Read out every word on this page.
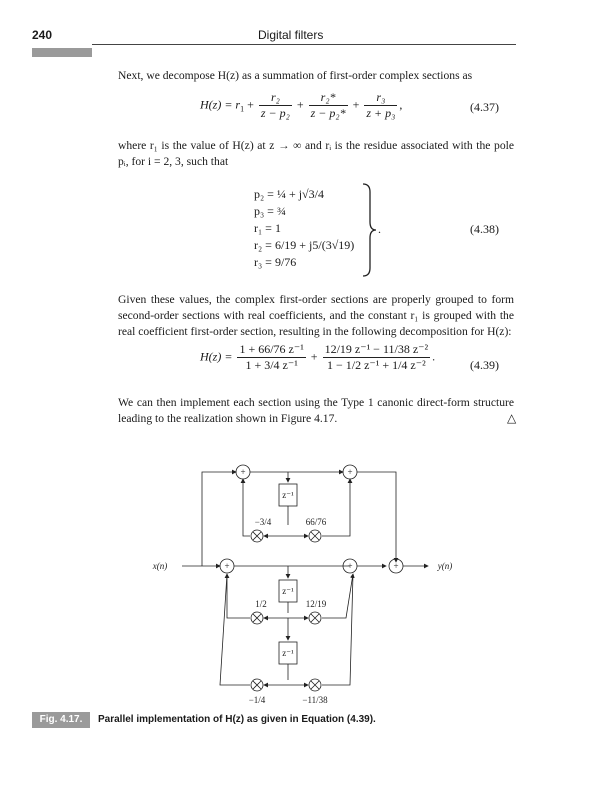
240	Digital filters
Next, we decompose H(z) as a summation of first-order complex sections as
$H(z) = r_1 + \frac{\text{r₂}}{\text{z − p₂}} + \frac{\text{r₂*}}{\text{z − p₂*}} + \frac{\text{r₃}}{\text{z + p₃}}$ ,	(4.37)
where r₁ is the value of H(z) at z → ∞ and rᵢ is the residue associated with the pole
pᵢ, for i = 2, 3, such that
p₂ = ¼ + j√3/4
p₃ = ¾
r₁ = 1
r₂ = 6/19 + j5/(3√19)
r₃ = 9/76
.	(4.38)
Given these values, the complex first-order sections are properly grouped to form
second-order sections with real coefficients, and the constant r₁ is grouped with the
real coefficient first-order section, resulting in the following decomposition for H(z):
$H(z) = \frac{\text{1 + 66/76 z⁻¹}}{\text{1 + 3/4 z⁻¹}} + \frac{\text{12/19 z⁻¹ − 11/38 z⁻²}}{\text{1 − 1/2 z⁻¹ + 1/4 z⁻²}}$ .
(4.39)
We can then implement each section using the Type 1 canonic direct-form structure
leading to the realization shown in Figure 4.17.	△
+	+
+	+	+
z⁻¹
z⁻¹
z⁻¹
−3/4	66/76
1/2	12/19
−1/4	−11/38
x(n)	y(n)
Fig. 4.17.	Parallel implementation of H(z) as given in Equation (4.39).
